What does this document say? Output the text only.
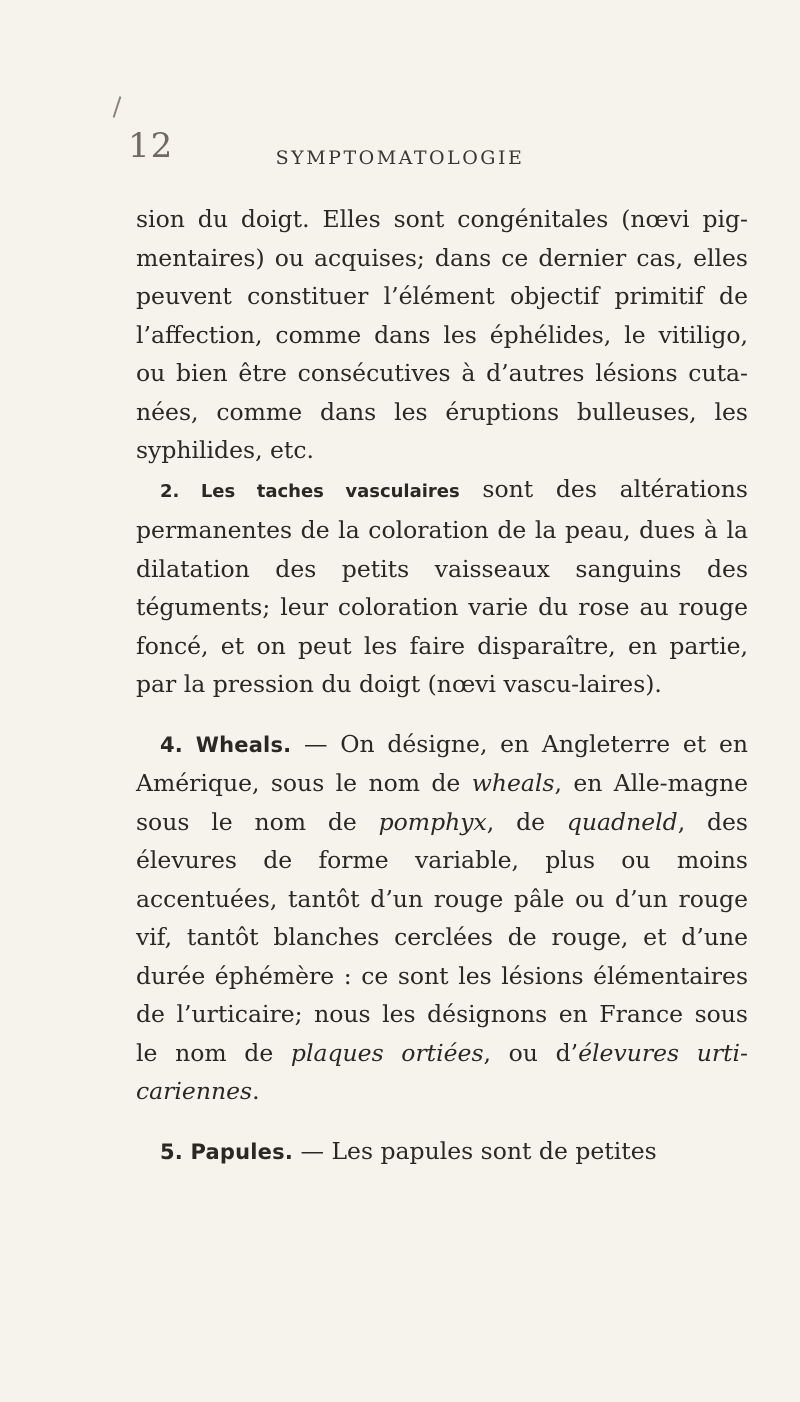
12	SYMPTOMATOLOGIE

sion du doigt. Elles sont congénitales (nœvi pig-mentaires) ou acquises; dans ce dernier cas, elles peuvent constituer l’élément objectif primitif de l’affection, comme dans les éphélides, le vitiligo, ou bien être consécutives à d’autres lésions cuta-nées, comme dans les éruptions bulleuses, les syphilides, etc.

2. Les taches vasculaires sont des altérations permanentes de la coloration de la peau, dues à la dilatation des petits vaisseaux sanguins des téguments; leur coloration varie du rose au rouge foncé, et on peut les faire disparaître, en partie, par la pression du doigt (nœvi vascu-laires).

4. Wheals. — On désigne, en Angleterre et en Amérique, sous le nom de wheals, en Alle-magne sous le nom de pomphyx, de quadneld, des élevures de forme variable, plus ou moins accentuées, tantôt d’un rouge pâle ou d’un rouge vif, tantôt blanches cerclées de rouge, et d’une durée éphémère : ce sont les lésions élémentaires de l’urticaire; nous les désignons en France sous le nom de plaques ortiées, ou d’élevures urti-cariennes.

5. Papules. — Les papules sont de petites
